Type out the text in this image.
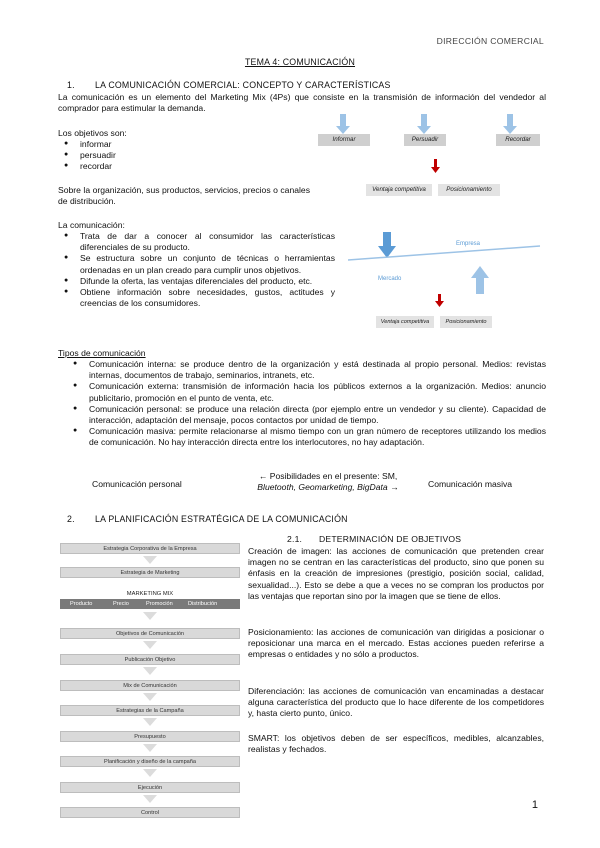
DIRECCIÓN COMERCIAL
TEMA 4: COMUNICACIÓN
1. LA COMUNICACIÓN COMERCIAL: CONCEPTO Y CARACTERÍSTICAS
La comunicación es un elemento del Marketing Mix (4Ps) que consiste en la transmisión de información del vendedor al comprador para estimular la demanda.
Los objetivos son:
● informar
● persuadir
● recordar
Sobre la organización, sus productos, servicios, precios o canales de distribución.
La comunicación:
● Trata de dar a conocer al consumidor las características diferenciales de su producto.
● Se estructura sobre un conjunto de técnicas o herramientas ordenadas en un plan creado para cumplir unos objetivos.
● Difunde la oferta, las ventajas diferenciales del producto, etc.
● Obtiene información sobre necesidades, gustos, actitudes y creencias de los consumidores.
Informar	Persuadir	Recordar
Ventaja competitiva	Posicionamiento
Empresa
Mercado
Ventaja competitiva	Posicionamiento
Tipos de comunicación
● Comunicación interna: se produce dentro de la organización y está destinada al propio personal. Medios: revistas internas, documentos de trabajo, seminarios, intranets, etc.
● Comunicación externa: transmisión de información hacia los públicos externos a la organización. Medios: anuncio publicitario, promoción en el punto de venta, etc.
● Comunicación personal: se produce una relación directa (por ejemplo entre un vendedor y su cliente). Capacidad de interacción, adaptación del mensaje, pocos contactos por unidad de tiempo.
● Comunicación masiva: permite relacionarse al mismo tiempo con un gran número de receptores utilizando los medios de comunicación. No hay interacción directa entre los interlocutores, no hay adaptación.
Comunicación personal
← Posibilidades en el presente: SM,
Bluetooth, Geomarketing, BigData →	Comunicación masiva
2. LA PLANIFICACIÓN ESTRATÉGICA DE LA COMUNICACIÓN
Estrategia Corporativa de la Empresa
Estrategia de Marketing
MARKETING MIX
Producto	Precio	Promoción	Distribución
Objetivos de Comunicación
Publicación Objetivo
Mix de Comunicación
Estrategias de la Campaña
Presupuesto
Planificación y diseño de la campaña
Ejecución
Control
2.1. DETERMINACIÓN DE OBJETIVOS
Creación de imagen: las acciones de comunicación que pretenden crear imagen no se centran en las características del producto, sino que ponen su énfasis en la creación de impresiones (prestigio, posición social, calidad, sexualidad...). Esto se debe a que a veces no se compran los productos por las ventajas que reportan sino por la imagen que se tiene de ellos.
Posicionamiento: las acciones de comunicación van dirigidas a posicionar o reposicionar una marca en el mercado. Estas acciones pueden referirse a empresas o entidades y no sólo a productos.
Diferenciación: las acciones de comunicación van encaminadas a destacar alguna característica del producto que lo hace diferente de los competidores y, hasta cierto punto, único.
SMART: los objetivos deben de ser específicos, medibles, alcanzables, realistas y fechados.
1
